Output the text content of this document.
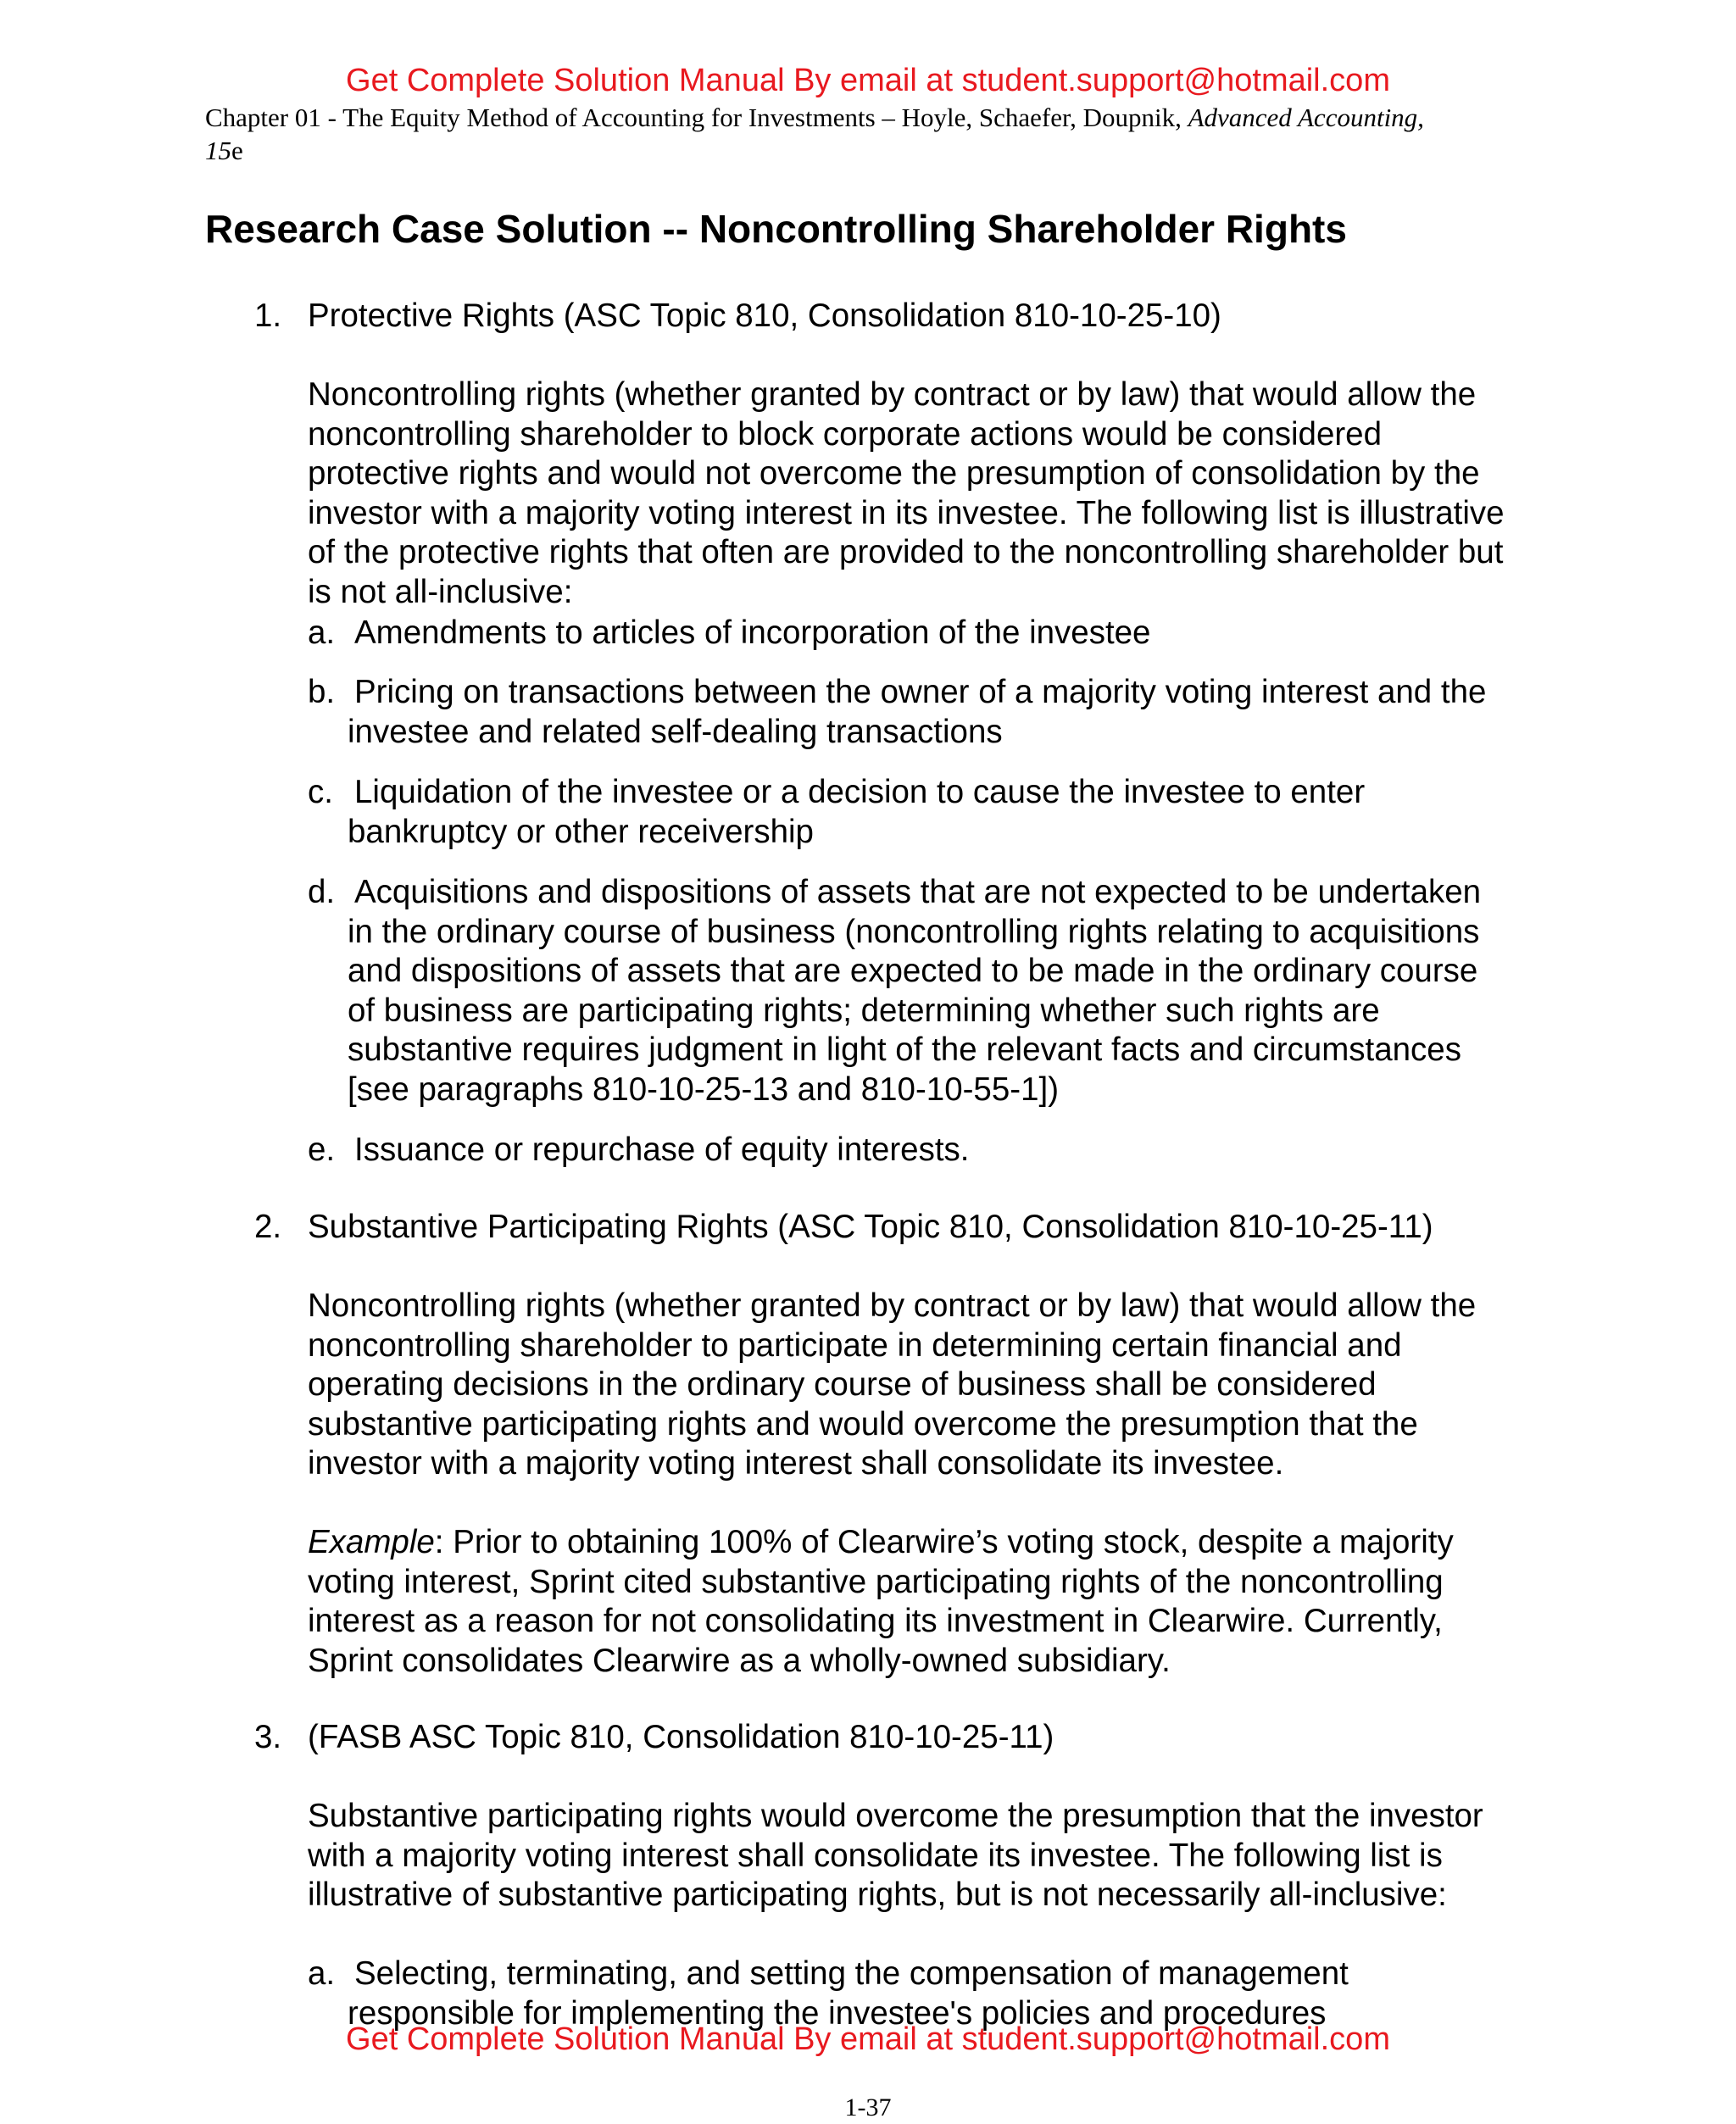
Get Complete Solution Manual By email at student.support@hotmail.com
Chapter 01 - The Equity Method of Accounting for Investments – Hoyle, Schaefer, Doupnik, Advanced Accounting,
15e
Research Case Solution -- Noncontrolling Shareholder Rights
1. Protective Rights (ASC Topic 810, Consolidation 810-10-25-10)
Noncontrolling rights (whether granted by contract or by law) that would allow the
noncontrolling shareholder to block corporate actions would be considered
protective rights and would not overcome the presumption of consolidation by the
investor with a majority voting interest in its investee. The following list is illustrative
of the protective rights that often are provided to the noncontrolling shareholder but
is not all-inclusive:
a. Amendments to articles of incorporation of the investee
b. Pricing on transactions between the owner of a majority voting interest and the
investee and related self-dealing transactions
c. Liquidation of the investee or a decision to cause the investee to enter
bankruptcy or other receivership
d. Acquisitions and dispositions of assets that are not expected to be undertaken
in the ordinary course of business (noncontrolling rights relating to acquisitions
and dispositions of assets that are expected to be made in the ordinary course
of business are participating rights; determining whether such rights are
substantive requires judgment in light of the relevant facts and circumstances
[see paragraphs 810-10-25-13 and 810-10-55-1])
e. Issuance or repurchase of equity interests.
2. Substantive Participating Rights (ASC Topic 810, Consolidation 810-10-25-11)
Noncontrolling rights (whether granted by contract or by law) that would allow the
noncontrolling shareholder to participate in determining certain financial and
operating decisions in the ordinary course of business shall be considered
substantive participating rights and would overcome the presumption that the
investor with a majority voting interest shall consolidate its investee.
Example: Prior to obtaining 100% of Clearwire’s voting stock, despite a majority
voting interest, Sprint cited substantive participating rights of the noncontrolling
interest as a reason for not consolidating its investment in Clearwire. Currently,
Sprint consolidates Clearwire as a wholly-owned subsidiary.
3. (FASB ASC Topic 810, Consolidation 810-10-25-11)
Substantive participating rights would overcome the presumption that the investor
with a majority voting interest shall consolidate its investee. The following list is
illustrative of substantive participating rights, but is not necessarily all-inclusive:
a. Selecting, terminating, and setting the compensation of management
responsible for implementing the investee's policies and procedures
Get Complete Solution Manual By email at student.support@hotmail.com
1-37
